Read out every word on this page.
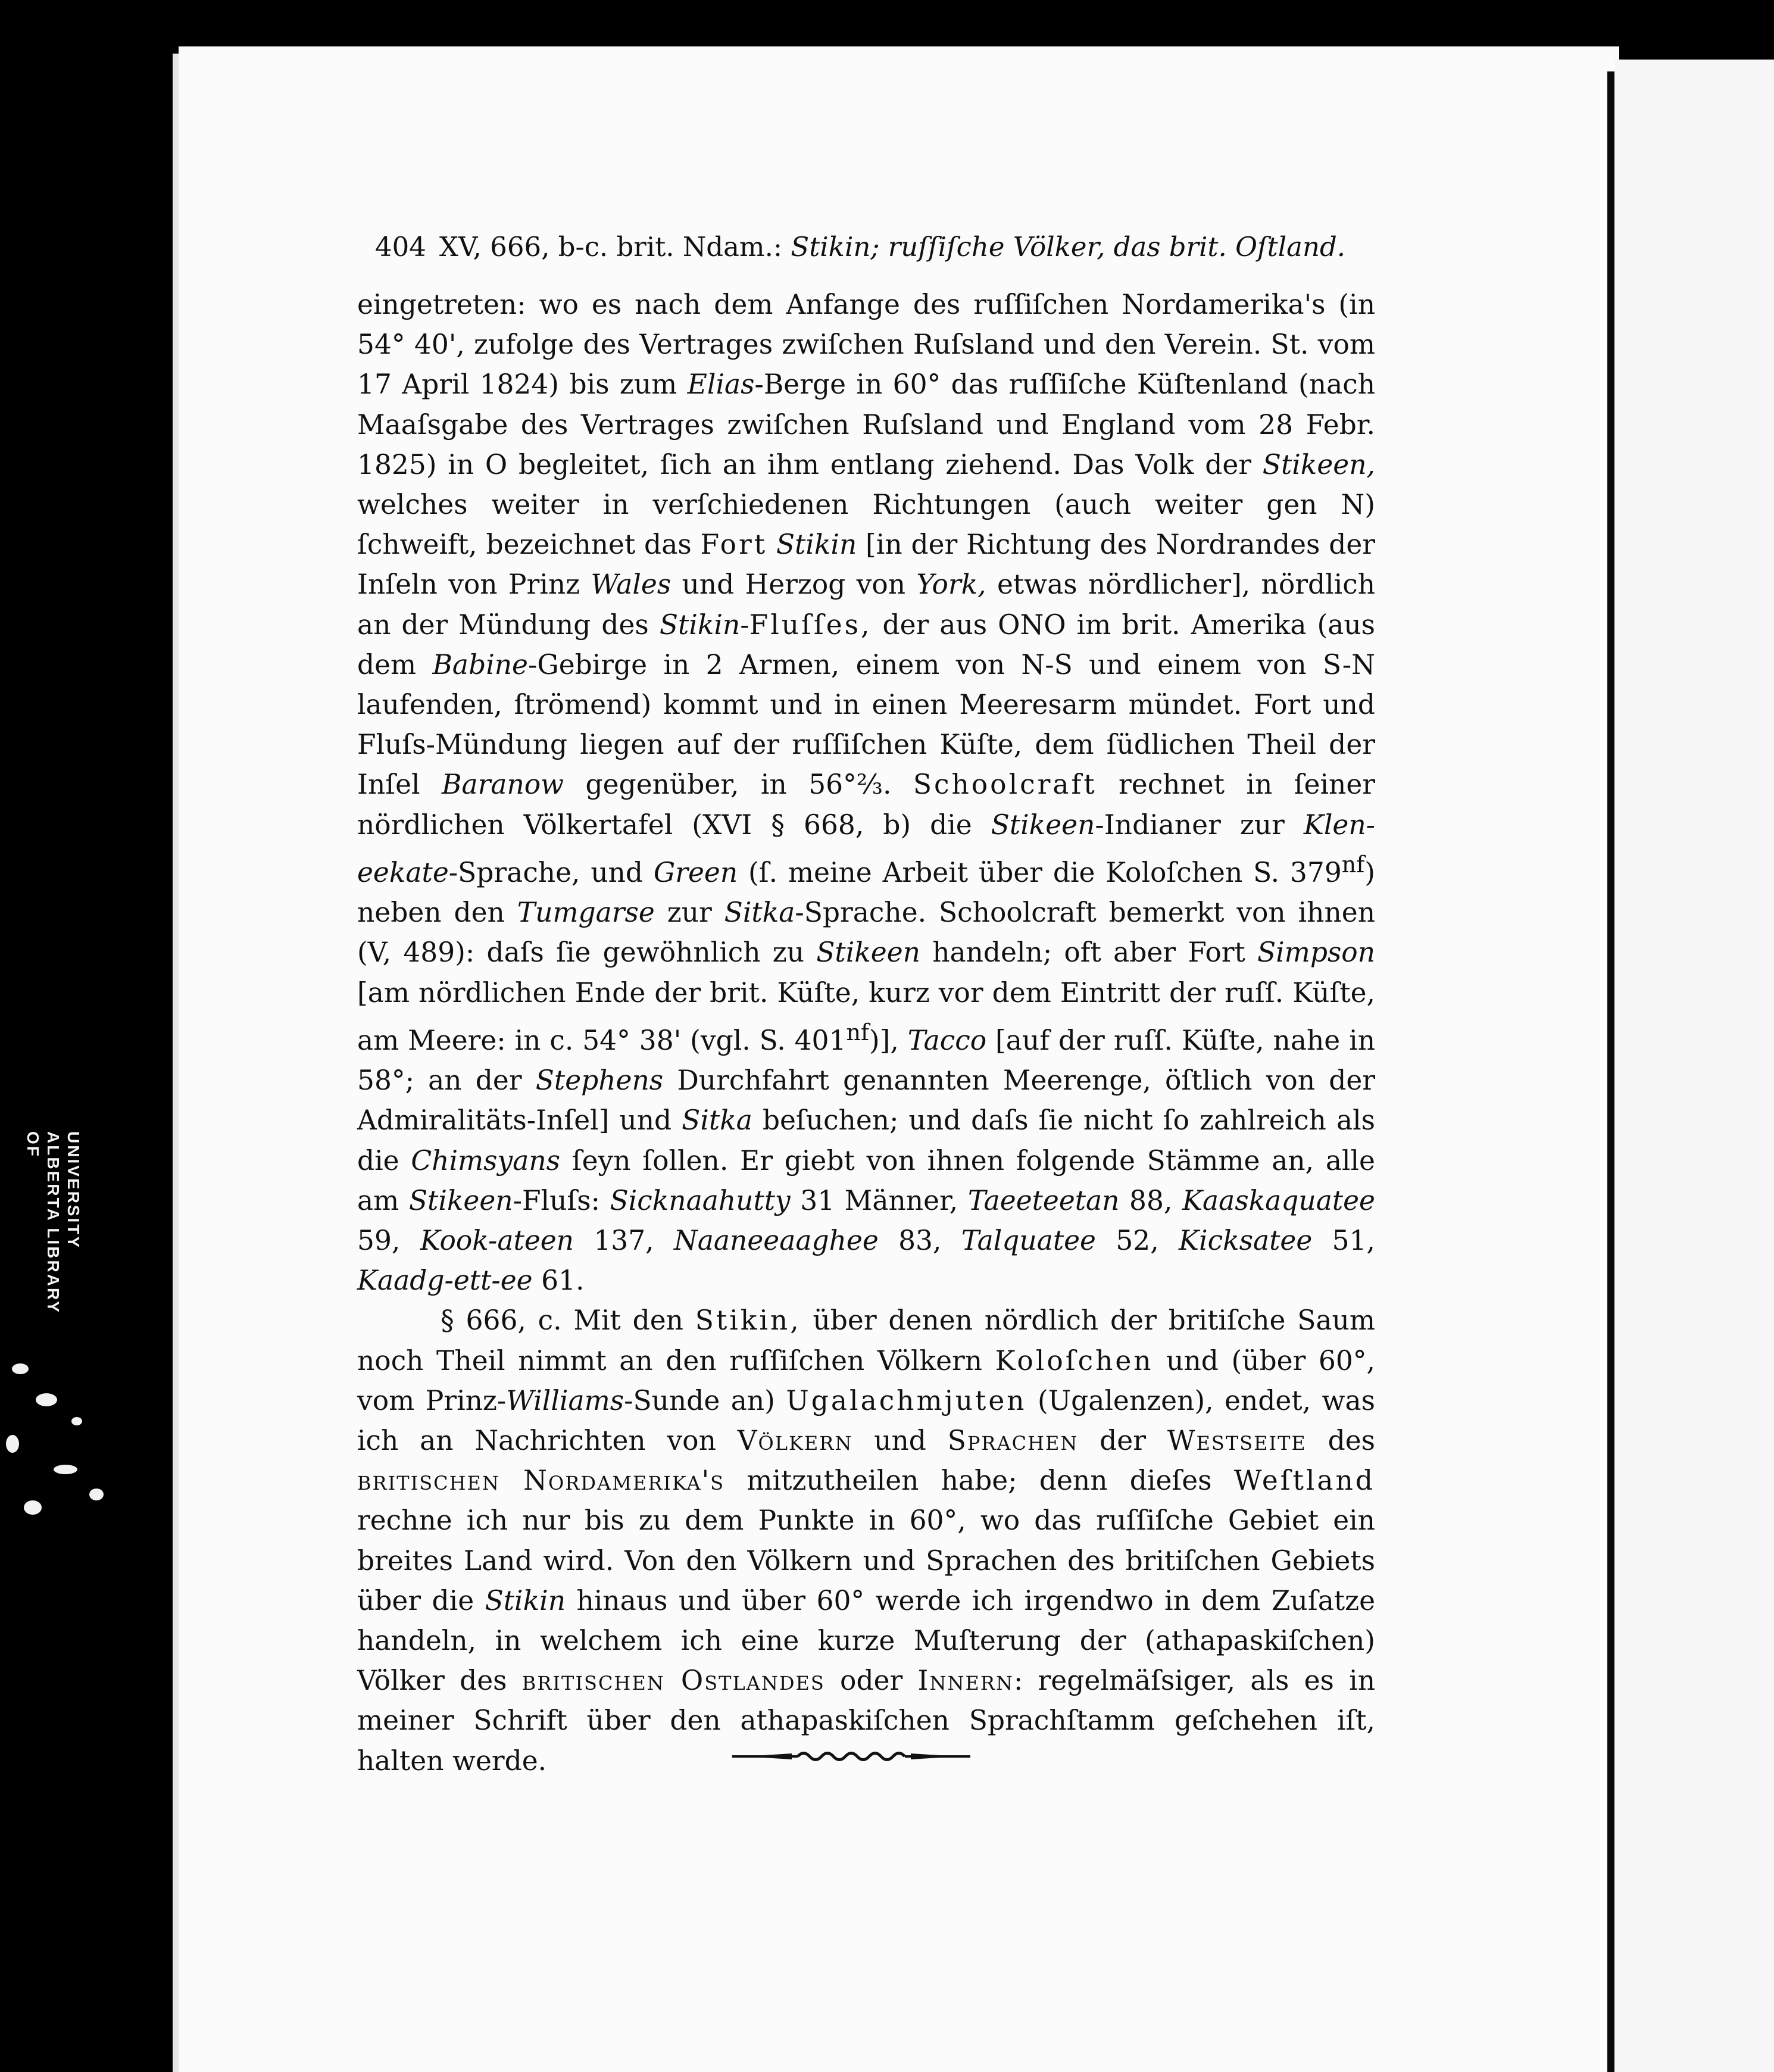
UNIVERSITY
ALBERTA LIBRARY
OF
404 XV, 666, b-c. brit. Ndam.: Stikin; ruſſiſche Völker, das brit. Oſtland.

eingetreten: wo es nach dem Anfange des ruſſiſchen Nordamerika's (in 54° 40', zufolge des Vertrages zwiſchen Ruſsland und den Verein. St. vom 17 April 1824) bis zum Elias-Berge in 60° das ruſſiſche Küſtenland (nach Maaſsgabe des Vertrages zwiſchen Ruſsland und England vom 28 Febr. 1825) in O begleitet, ſich an ihm entlang ziehend. Das Volk der Stikeen, welches weiter in verſchiedenen Richtungen (auch weiter gen N) ſchweift, bezeichnet das Fort Stikin [in der Richtung des Nordrandes der Inſeln von Prinz Wales und Herzog von York, etwas nördlicher], nördlich an der Mündung des Stikin-Fluſſes, der aus ONO im brit. Amerika (aus dem Babine-Gebirge in 2 Armen, einem von N-S und einem von S-N laufenden, ſtrömend) kommt und in einen Meeresarm mündet. Fort und Fluſs-Mündung liegen auf der ruſſiſchen Küſte, dem ſüdlichen Theil der Inſel Baranow gegenüber, in 56°⅔. Schoolcraft rechnet in ſeiner nördlichen Völkertafel (XVI § 668, b) die Stikeen-Indianer zur Klen-eekate-Sprache, und Green (ſ. meine Arbeit über die Koloſchen S. $379^{nf}$) neben den Tumgarse zur Sitka-Sprache. Schoolcraft bemerkt von ihnen (V, 489): daſs ſie gewöhnlich zu Stikeen handeln; oft aber Fort Simpson [am nördlichen Ende der brit. Küſte, kurz vor dem Eintritt der ruſſ. Küſte, am Meere: in c. 54° 38' (vgl. S. $401^{nf}$)], Tacco [auf der ruſſ. Küſte, nahe in 58°; an der Stephens Durchfahrt genannten Meerenge, öſtlich von der Admiralitäts-Inſel] und Sitka beſuchen; und daſs ſie nicht ſo zahlreich als die Chimsyans ſeyn ſollen. Er giebt von ihnen folgende Stämme an, alle am Stikeen-Fluſs: Sicknaahutty 31 Männer, Taeeteetan 88, Kaaskaquatee 59, Kook-ateen 137, Naaneeaaghee 83, Talquatee 52, Kicksatee 51, Kaadg-ett-ee 61.

§ 666, c. Mit den Stikin, über denen nördlich der britiſche Saum noch Theil nimmt an den ruſſiſchen Völkern Koloſchen und (über 60°, vom Prinz-Williams-Sunde an) Ugalachmjuten (Ugalenzen), endet, was ich an Nachrichten von Völkern und Sprachen der Westseite des britischen Nordamerika's mitzutheilen habe; denn dieſes Weſtland rechne ich nur bis zu dem Punkte in 60°, wo das ruſſiſche Gebiet ein breites Land wird. Von den Völkern und Sprachen des britiſchen Gebiets über die Stikin hinaus und über 60° werde ich irgendwo in dem Zuſatze handeln, in welchem ich eine kurze Muſterung der (athapaskiſchen) Völker des britischen Ostlandes oder Innern: regelmäſsiger, als es in meiner Schrift über den athapaskiſchen Sprachſtamm geſchehen iſt, halten werde.
